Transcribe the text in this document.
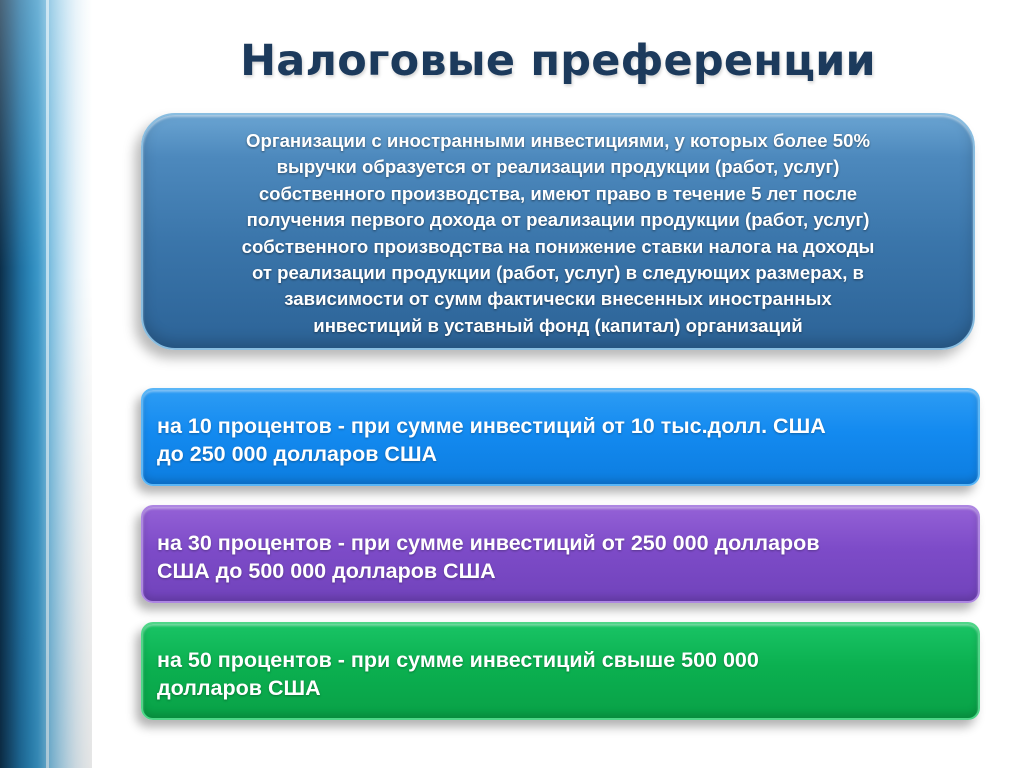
Налоговые преференции
Организации с иностранными инвестициями, у которых более 50%
выручки образуется от реализации продукции (работ, услуг)
собственного производства, имеют право в течение 5 лет после
получения первого дохода от реализации продукции (работ, услуг)
собственного производства на понижение ставки налога на доходы
от реализации продукции (работ, услуг) в следующих размерах, в
зависимости от сумм фактически внесенных иностранных
инвестиций в уставный фонд (капитал) организаций
на 10 процентов - при сумме инвестиций от 10 тыс.долл. США
до 250 000 долларов США
на 30 процентов - при сумме инвестиций от 250 000 долларов
США до 500 000 долларов США
на 50 процентов - при сумме инвестиций свыше 500 000
долларов США
